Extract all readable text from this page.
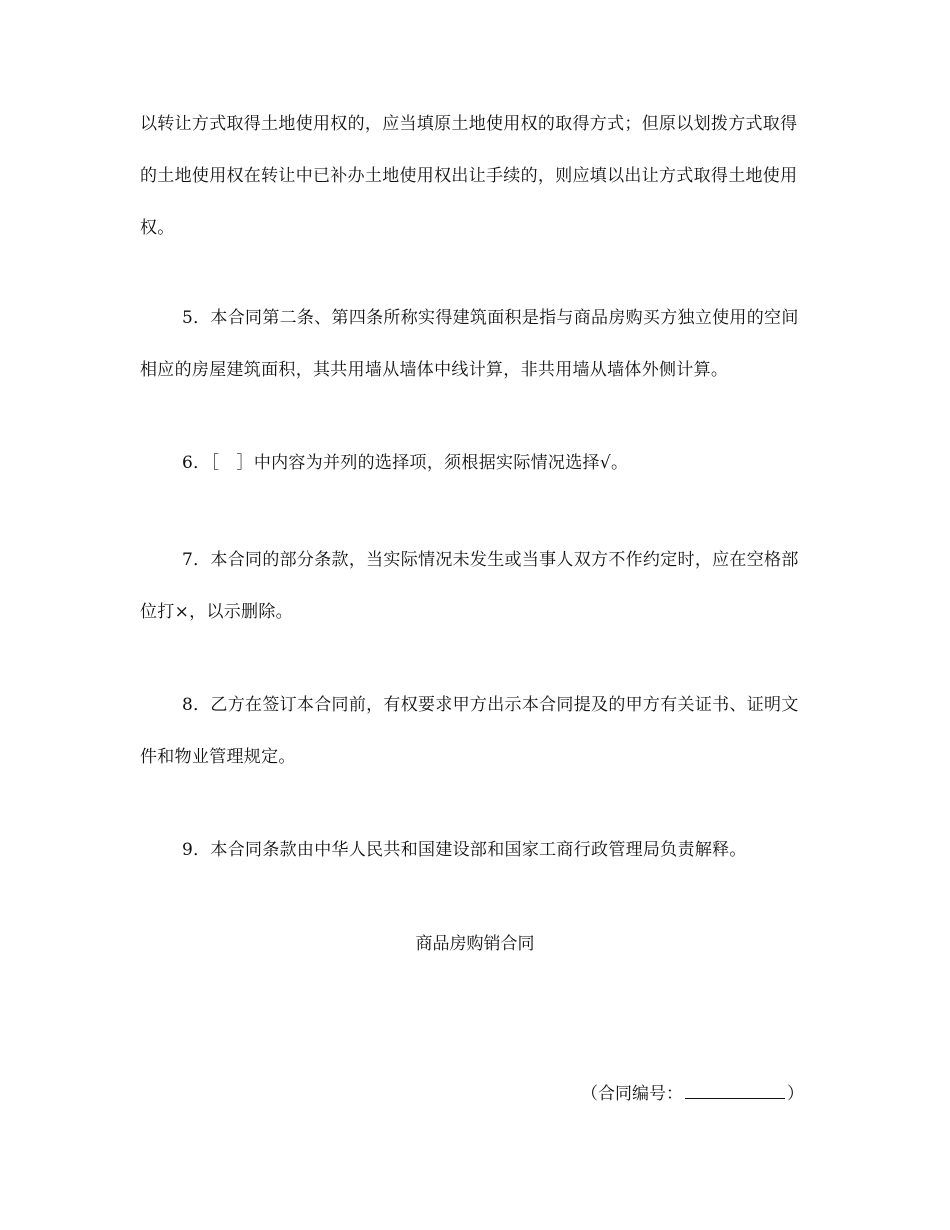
以转让方式取得土地使用权的，应当填原土地使用权的取得方式；但原以划拨方式取得的土地使用权在转让中已补办土地使用权出让手续的，则应填以出让方式取得土地使用权。

5．本合同第二条、第四条所称实得建筑面积是指与商品房购买方独立使用的空间相应的房屋建筑面积，其共用墙从墙体中线计算，非共用墙从墙体外侧计算。

6．［　］中内容为并列的选择项，须根据实际情况选择√。

7．本合同的部分条款，当实际情况未发生或当事人双方不作约定时，应在空格部位打×，以示删除。

8．乙方在签订本合同前，有权要求甲方出示本合同提及的甲方有关证书、证明文件和物业管理规定。

9．本合同条款由中华人民共和国建设部和国家工商行政管理局负责解释。

商品房购销合同

（合同编号：	）
